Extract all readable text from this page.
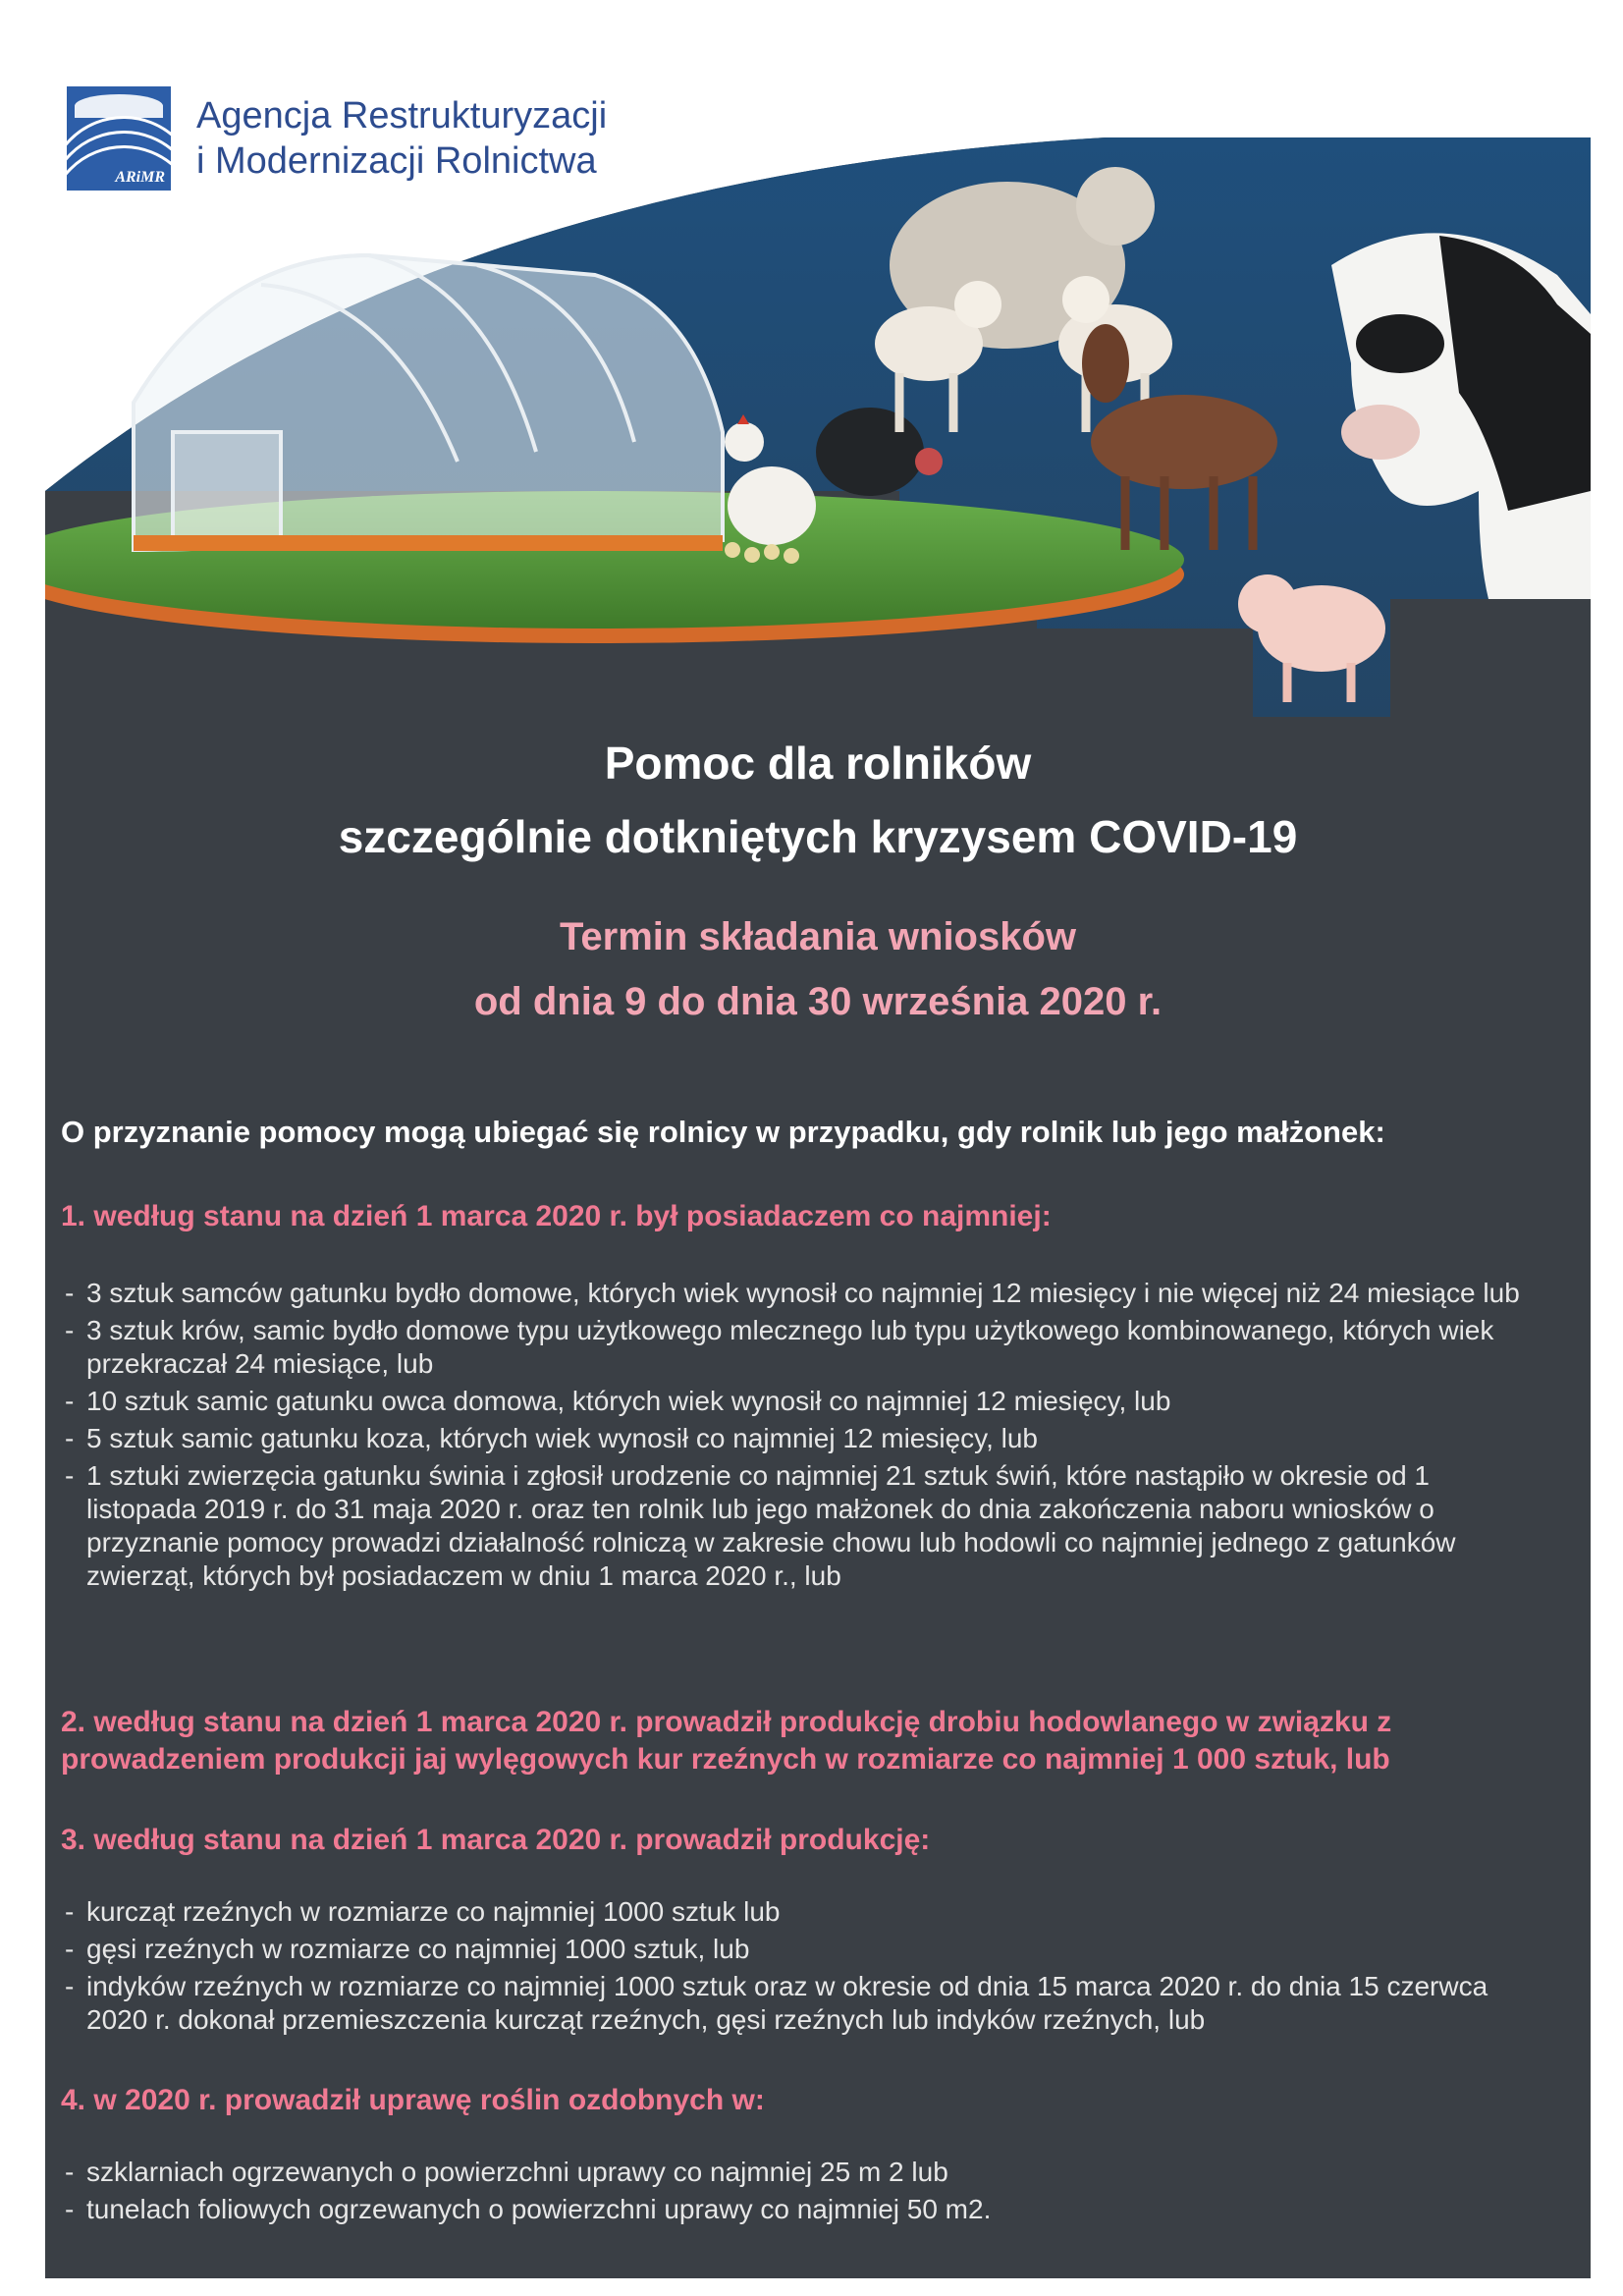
ARiMR
Agencja Restrukturyzacji
i Modernizacji Rolnictwa
Pomoc dla rolników
szczególnie dotkniętych kryzysem COVID-19
Termin składania wniosków
od dnia 9 do dnia 30 września 2020 r.
O przyznanie pomocy mogą ubiegać się rolnicy w przypadku, gdy rolnik lub jego małżonek:
1. według stanu na dzień 1 marca 2020 r. był posiadaczem co najmniej:
- 3 sztuk samców gatunku bydło domowe, których wiek wynosił co najmniej 12 miesięcy i nie więcej niż 24 miesiące lub
- 3 sztuk krów, samic bydło domowe typu użytkowego mlecznego lub typu użytkowego kombinowanego, których wiek przekraczał 24 miesiące, lub
- 10 sztuk samic gatunku owca domowa, których wiek wynosił co najmniej 12 miesięcy, lub
- 5 sztuk samic gatunku koza, których wiek wynosił co najmniej 12 miesięcy, lub
- 1 sztuki zwierzęcia gatunku świnia i zgłosił urodzenie co najmniej 21 sztuk świń, które nastąpiło w okresie od 1 listopada 2019 r. do 31 maja 2020 r. oraz ten rolnik lub jego małżonek do dnia zakończenia naboru wniosków o przyznanie pomocy prowadzi działalność rolniczą w zakresie chowu lub hodowli co najmniej jednego z gatunków zwierząt, których był posiadaczem w dniu 1 marca 2020 r., lub
2. według stanu na dzień 1 marca 2020 r. prowadził produkcję drobiu hodowlanego w związku z prowadzeniem produkcji jaj wylęgowych kur rzeźnych w rozmiarze co najmniej 1 000 sztuk, lub
3. według stanu na dzień 1 marca 2020 r. prowadził produkcję:
- kurcząt rzeźnych w rozmiarze co najmniej 1000 sztuk lub
- gęsi rzeźnych w rozmiarze co najmniej 1000 sztuk, lub
- indyków rzeźnych w rozmiarze co najmniej 1000 sztuk oraz w okresie od dnia 15 marca 2020 r. do dnia 15 czerwca 2020 r. dokonał przemieszczenia kurcząt rzeźnych, gęsi rzeźnych lub indyków rzeźnych, lub
4. w 2020 r. prowadził uprawę roślin ozdobnych w:
- szklarniach ogrzewanych o powierzchni uprawy co najmniej 25 m 2 lub
- tunelach foliowych ogrzewanych o powierzchni uprawy co najmniej 50 m2.
